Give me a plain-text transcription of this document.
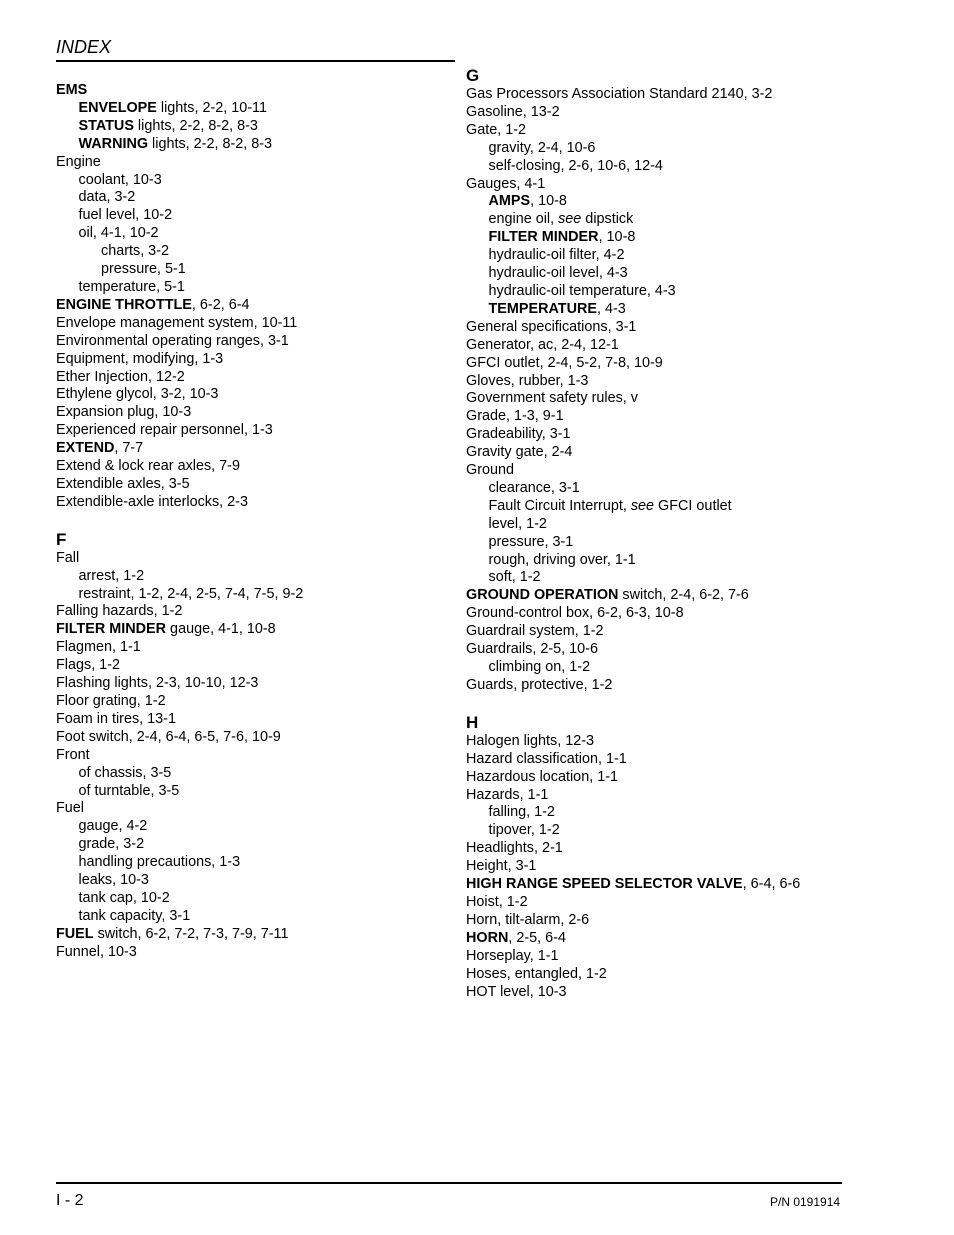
INDEX
EMS
ENVELOPE lights, 2-2, 10-11
STATUS lights, 2-2, 8-2, 8-3
WARNING lights, 2-2, 8-2, 8-3
Engine
coolant, 10-3
data, 3-2
fuel level, 10-2
oil, 4-1, 10-2
charts, 3-2
pressure, 5-1
temperature, 5-1
ENGINE THROTTLE, 6-2, 6-4
Envelope management system, 10-11
Environmental operating ranges, 3-1
Equipment, modifying, 1-3
Ether Injection, 12-2
Ethylene glycol, 3-2, 10-3
Expansion plug, 10-3
Experienced repair personnel, 1-3
EXTEND, 7-7
Extend & lock rear axles, 7-9
Extendible axles, 3-5
Extendible-axle interlocks, 2-3
F
Fall
arrest, 1-2
restraint, 1-2, 2-4, 2-5, 7-4, 7-5, 9-2
Falling hazards, 1-2
FILTER MINDER gauge, 4-1, 10-8
Flagmen, 1-1
Flags, 1-2
Flashing lights, 2-3, 10-10, 12-3
Floor grating, 1-2
Foam in tires, 13-1
Foot switch, 2-4, 6-4, 6-5, 7-6, 10-9
Front
of chassis, 3-5
of turntable, 3-5
Fuel
gauge, 4-2
grade, 3-2
handling precautions, 1-3
leaks, 10-3
tank cap, 10-2
tank capacity, 3-1
FUEL switch, 6-2, 7-2, 7-3, 7-9, 7-11
Funnel, 10-3
G
Gas Processors Association Standard 2140, 3-2
Gasoline, 13-2
Gate, 1-2
gravity, 2-4, 10-6
self-closing, 2-6, 10-6, 12-4
Gauges, 4-1
AMPS, 10-8
engine oil, see dipstick
FILTER MINDER, 10-8
hydraulic-oil filter, 4-2
hydraulic-oil level, 4-3
hydraulic-oil temperature, 4-3
TEMPERATURE, 4-3
General specifications, 3-1
Generator, ac, 2-4, 12-1
GFCI outlet, 2-4, 5-2, 7-8, 10-9
Gloves, rubber, 1-3
Government safety rules, v
Grade, 1-3, 9-1
Gradeability, 3-1
Gravity gate, 2-4
Ground
clearance, 3-1
Fault Circuit Interrupt, see GFCI outlet
level, 1-2
pressure, 3-1
rough, driving over, 1-1
soft, 1-2
GROUND OPERATION switch, 2-4, 6-2, 7-6
Ground-control box, 6-2, 6-3, 10-8
Guardrail system, 1-2
Guardrails, 2-5, 10-6
climbing on, 1-2
Guards, protective, 1-2
H
Halogen lights, 12-3
Hazard classification, 1-1
Hazardous location, 1-1
Hazards, 1-1
falling, 1-2
tipover, 1-2
Headlights, 2-1
Height, 3-1
HIGH RANGE SPEED SELECTOR VALVE, 6-4, 6-6
Hoist, 1-2
Horn, tilt-alarm, 2-6
HORN, 2-5, 6-4
Horseplay, 1-1
Hoses, entangled, 1-2
HOT level, 10-3
I - 2	P/N 0191914
